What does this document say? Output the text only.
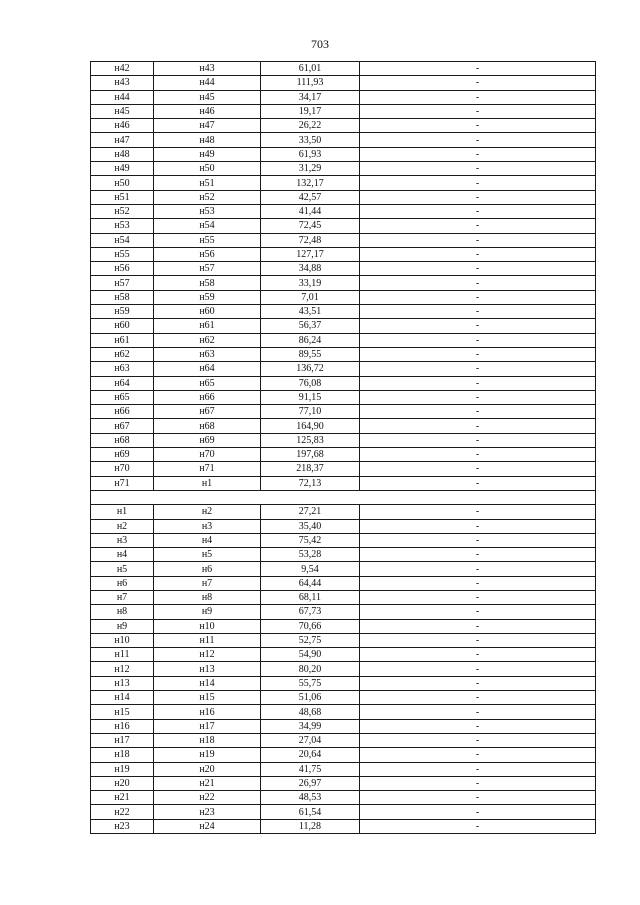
703
н42	н43	61,01	-
н43	н44	111,93	-
н44	н45	34,17	-
н45	н46	19,17	-
н46	н47	26,22	-
н47	н48	33,50	-
н48	н49	61,93	-
н49	н50	31,29	-
н50	н51	132,17	-
н51	н52	42,57	-
н52	н53	41,44	-
н53	н54	72,45	-
н54	н55	72,48	-
н55	н56	127,17	-
н56	н57	34,88	-
н57	н58	33,19	-
н58	н59	7,01	-
н59	н60	43,51	-
н60	н61	56,37	-
н61	н62	86,24	-
н62	н63	89,55	-
н63	н64	136,72	-
н64	н65	76,08	-
н65	н66	91,15	-
н66	н67	77,10	-
н67	н68	164,90	-
н68	н69	125,83	-
н69	н70	197,68	-
н70	н71	218,37	-
н71	н1	72,13	-

н1	н2	27,21	-
н2	н3	35,40	-
н3	н4	75,42	-
н4	н5	53,28	-
н5	н6	9,54	-
н6	н7	64,44	-
н7	н8	68,11	-
н8	н9	67,73	-
н9	н10	70,66	-
н10	н11	52,75	-
н11	н12	54,90	-
н12	н13	80,20	-
н13	н14	55,75	-
н14	н15	51,06	-
н15	н16	48,68	-
н16	н17	34,99	-
н17	н18	27,04	-
н18	н19	20,64	-
н19	н20	41,75	-
н20	н21	26,97	-
н21	н22	48,53	-
н22	н23	61,54	-
н23	н24	11,28	-
